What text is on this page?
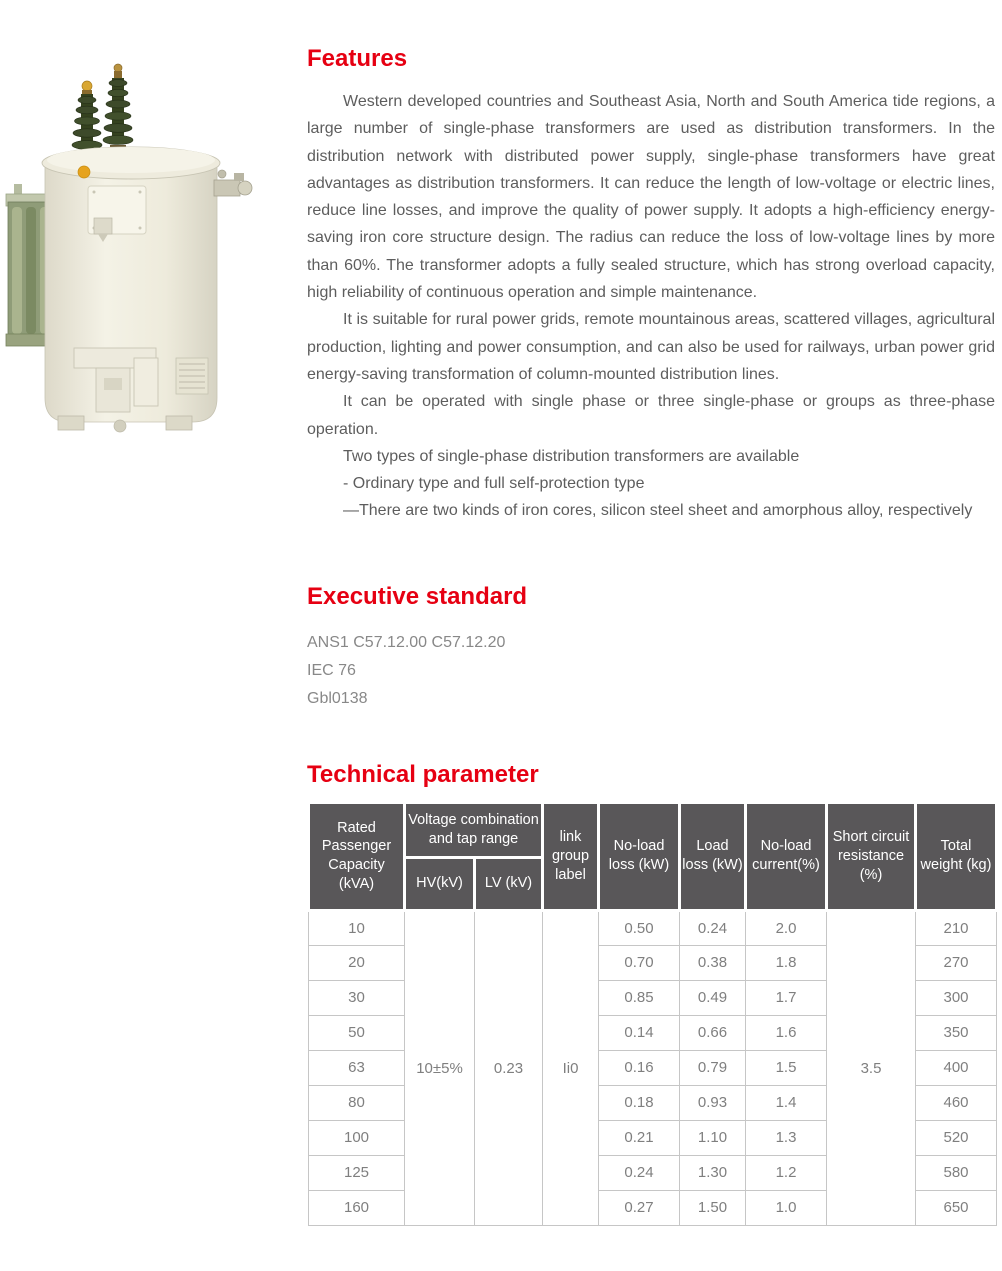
Features

Western developed countries and Southeast Asia, North and South America tide regions, a large number of single-phase transformers are used as distribution transformers. In the distribution network with distributed power supply, single-phase transformers have great advantages as distribution transformers. It can reduce the length of low-voltage or electric lines, reduce line losses, and improve the quality of power supply. It adopts a high-efficiency energy-saving iron core structure design. The radius can reduce the loss of low-voltage lines by more than 60%. The transformer adopts a fully sealed structure, which has strong overload capacity, high reliability of continuous operation and simple maintenance.

It is suitable for rural power grids, remote mountainous areas, scattered villages, agricultural production, lighting and power consumption, and can also be used for railways, urban power grid energy-saving transformation of column-mounted distribution lines.

It can be operated with single phase or three single-phase or groups as three-phase operation.

Two types of single-phase distribution transformers are available

- Ordinary type and full self-protection type

—There are two kinds of iron cores, silicon steel sheet and amorphous alloy, respectively

Executive standard
ANS1 C57.12.00 C57.12.20
IEC 76
Gbl0138
Technical parameter
Rated Passenger Capacity (kVA)	Voltage combination and tap range		link group label	No-load loss (kW)	Load loss (kW)	No-load current(%)	Short circuit resistance (%)	Total weight (kg)
	HV(kV)	LV (kV)						
10	10±5%	0.23	Ii0	0.50	0.24	2.0	3.5	210
20				0.70	0.38	1.8		270
30				0.85	0.49	1.7		300
50				0.14	0.66	1.6		350
63				0.16	0.79	1.5		400
80				0.18	0.93	1.4		460
100				0.21	1.10	1.3		520
125				0.24	1.30	1.2		580
160				0.27	1.50	1.0		650
